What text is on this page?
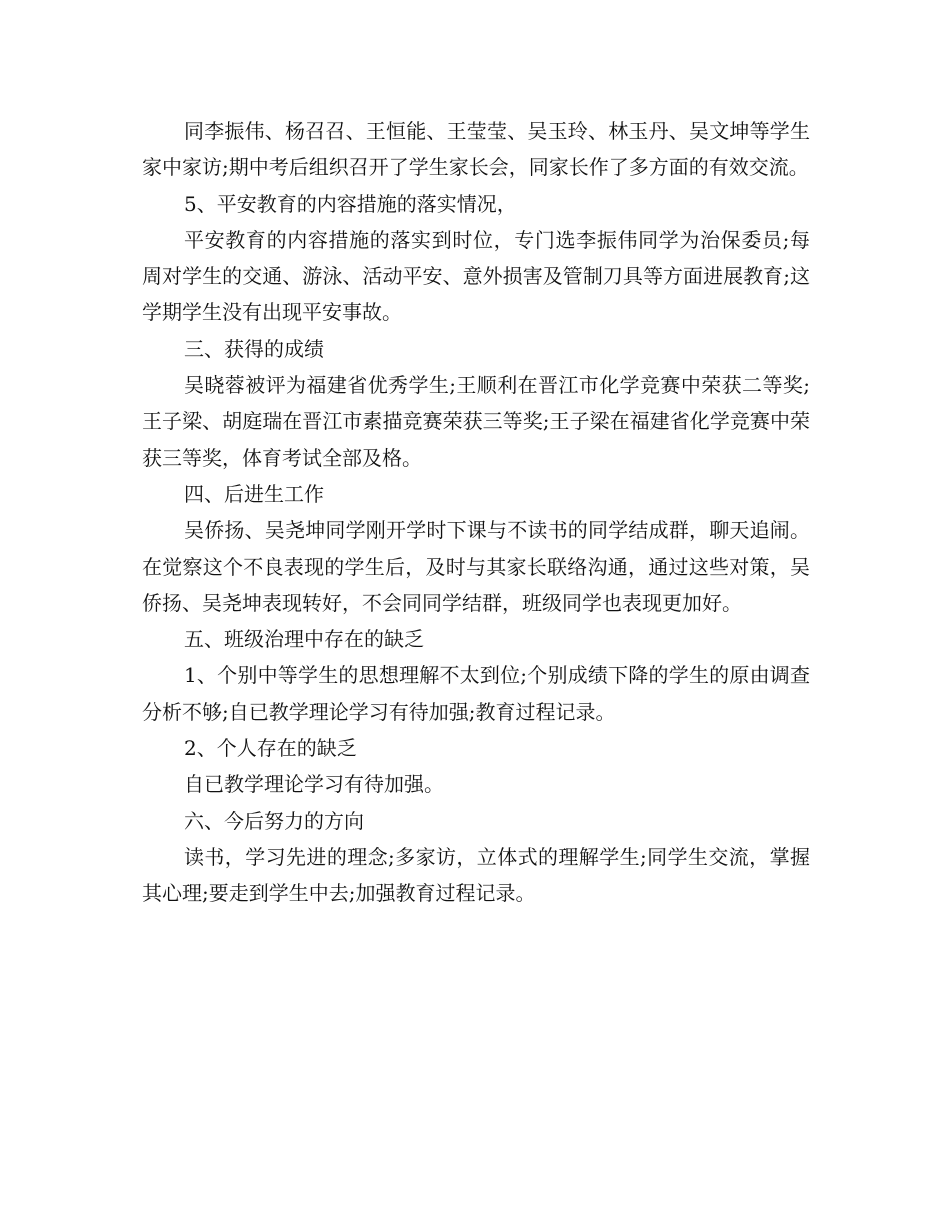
同李振伟、杨召召、王恒能、王莹莹、吴玉玲、林玉丹、吴文坤等学生家中家访;期中考后组织召开了学生家长会，同家长作了多方面的有效交流。

5、平安教育的内容措施的落实情况，

平安教育的内容措施的落实到时位，专门选李振伟同学为治保委员;每周对学生的交通、游泳、活动平安、意外损害及管制刀具等方面进展教育;这学期学生没有出现平安事故。

三、获得的成绩

吴晓蓉被评为福建省优秀学生;王顺利在晋江市化学竞赛中荣获二等奖;王子梁、胡庭瑞在晋江市素描竞赛荣获三等奖;王子梁在福建省化学竞赛中荣获三等奖，体育考试全部及格。

四、后进生工作

吴侨扬、吴尧坤同学刚开学时下课与不读书的同学结成群，聊天追闹。在觉察这个不良表现的学生后，及时与其家长联络沟通，通过这些对策，吴侨扬、吴尧坤表现转好，不会同同学结群，班级同学也表现更加好。

五、班级治理中存在的缺乏

1、个别中等学生的思想理解不太到位;个别成绩下降的学生的原由调查分析不够;自已教学理论学习有待加强;教育过程记录。

2、个人存在的缺乏

自已教学理论学习有待加强。

六、今后努力的方向

读书，学习先进的理念;多家访，立体式的理解学生;同学生交流，掌握其心理;要走到学生中去;加强教育过程记录。
